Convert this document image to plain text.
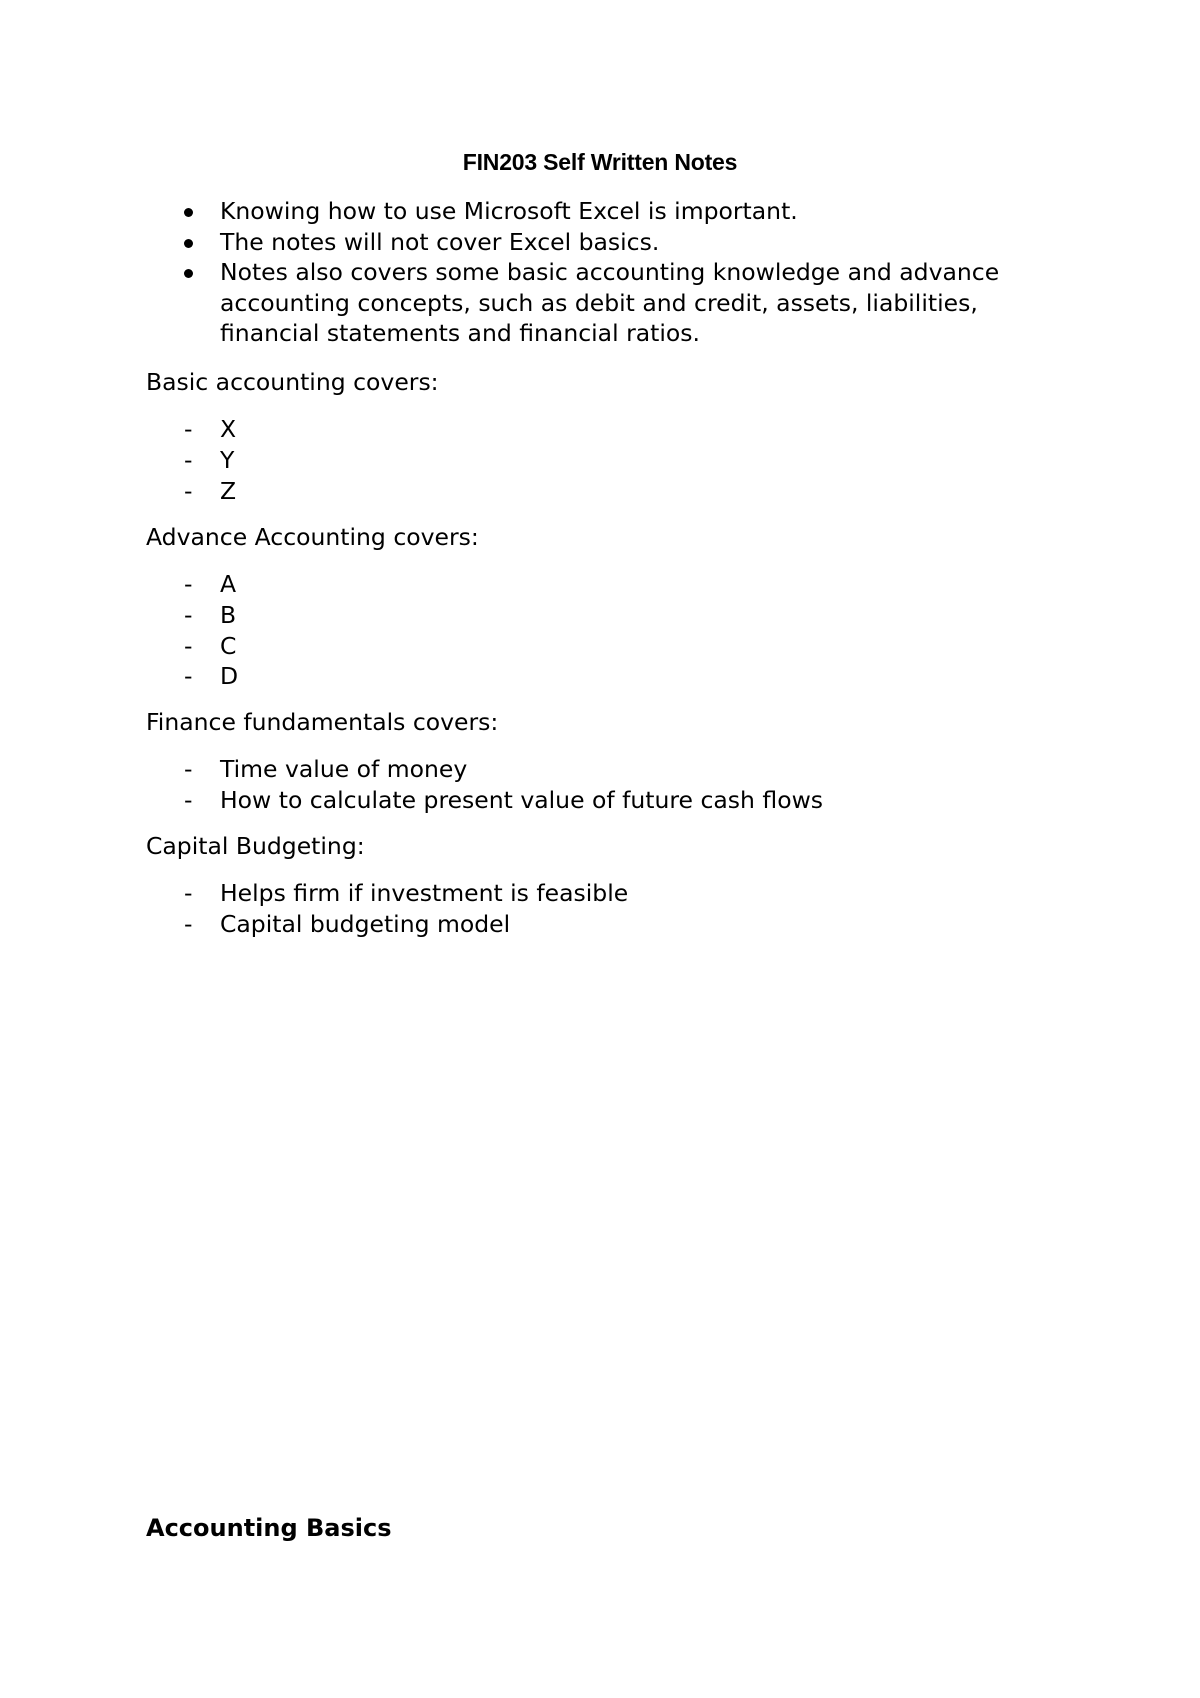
FIN203 Self Written Notes
Knowing how to use Microsoft Excel is important.
The notes will not cover Excel basics.
Notes also covers some basic accounting knowledge and advance accounting concepts, such as debit and credit, assets, liabilities, financial statements and financial ratios.
Basic accounting covers:
- X
- Y
- Z
Advance Accounting covers:
- A
- B
- C
- D
Finance fundamentals covers:
- Time value of money
- How to calculate present value of future cash flows
Capital Budgeting:
- Helps firm if investment is feasible
- Capital budgeting model
Accounting Basics
